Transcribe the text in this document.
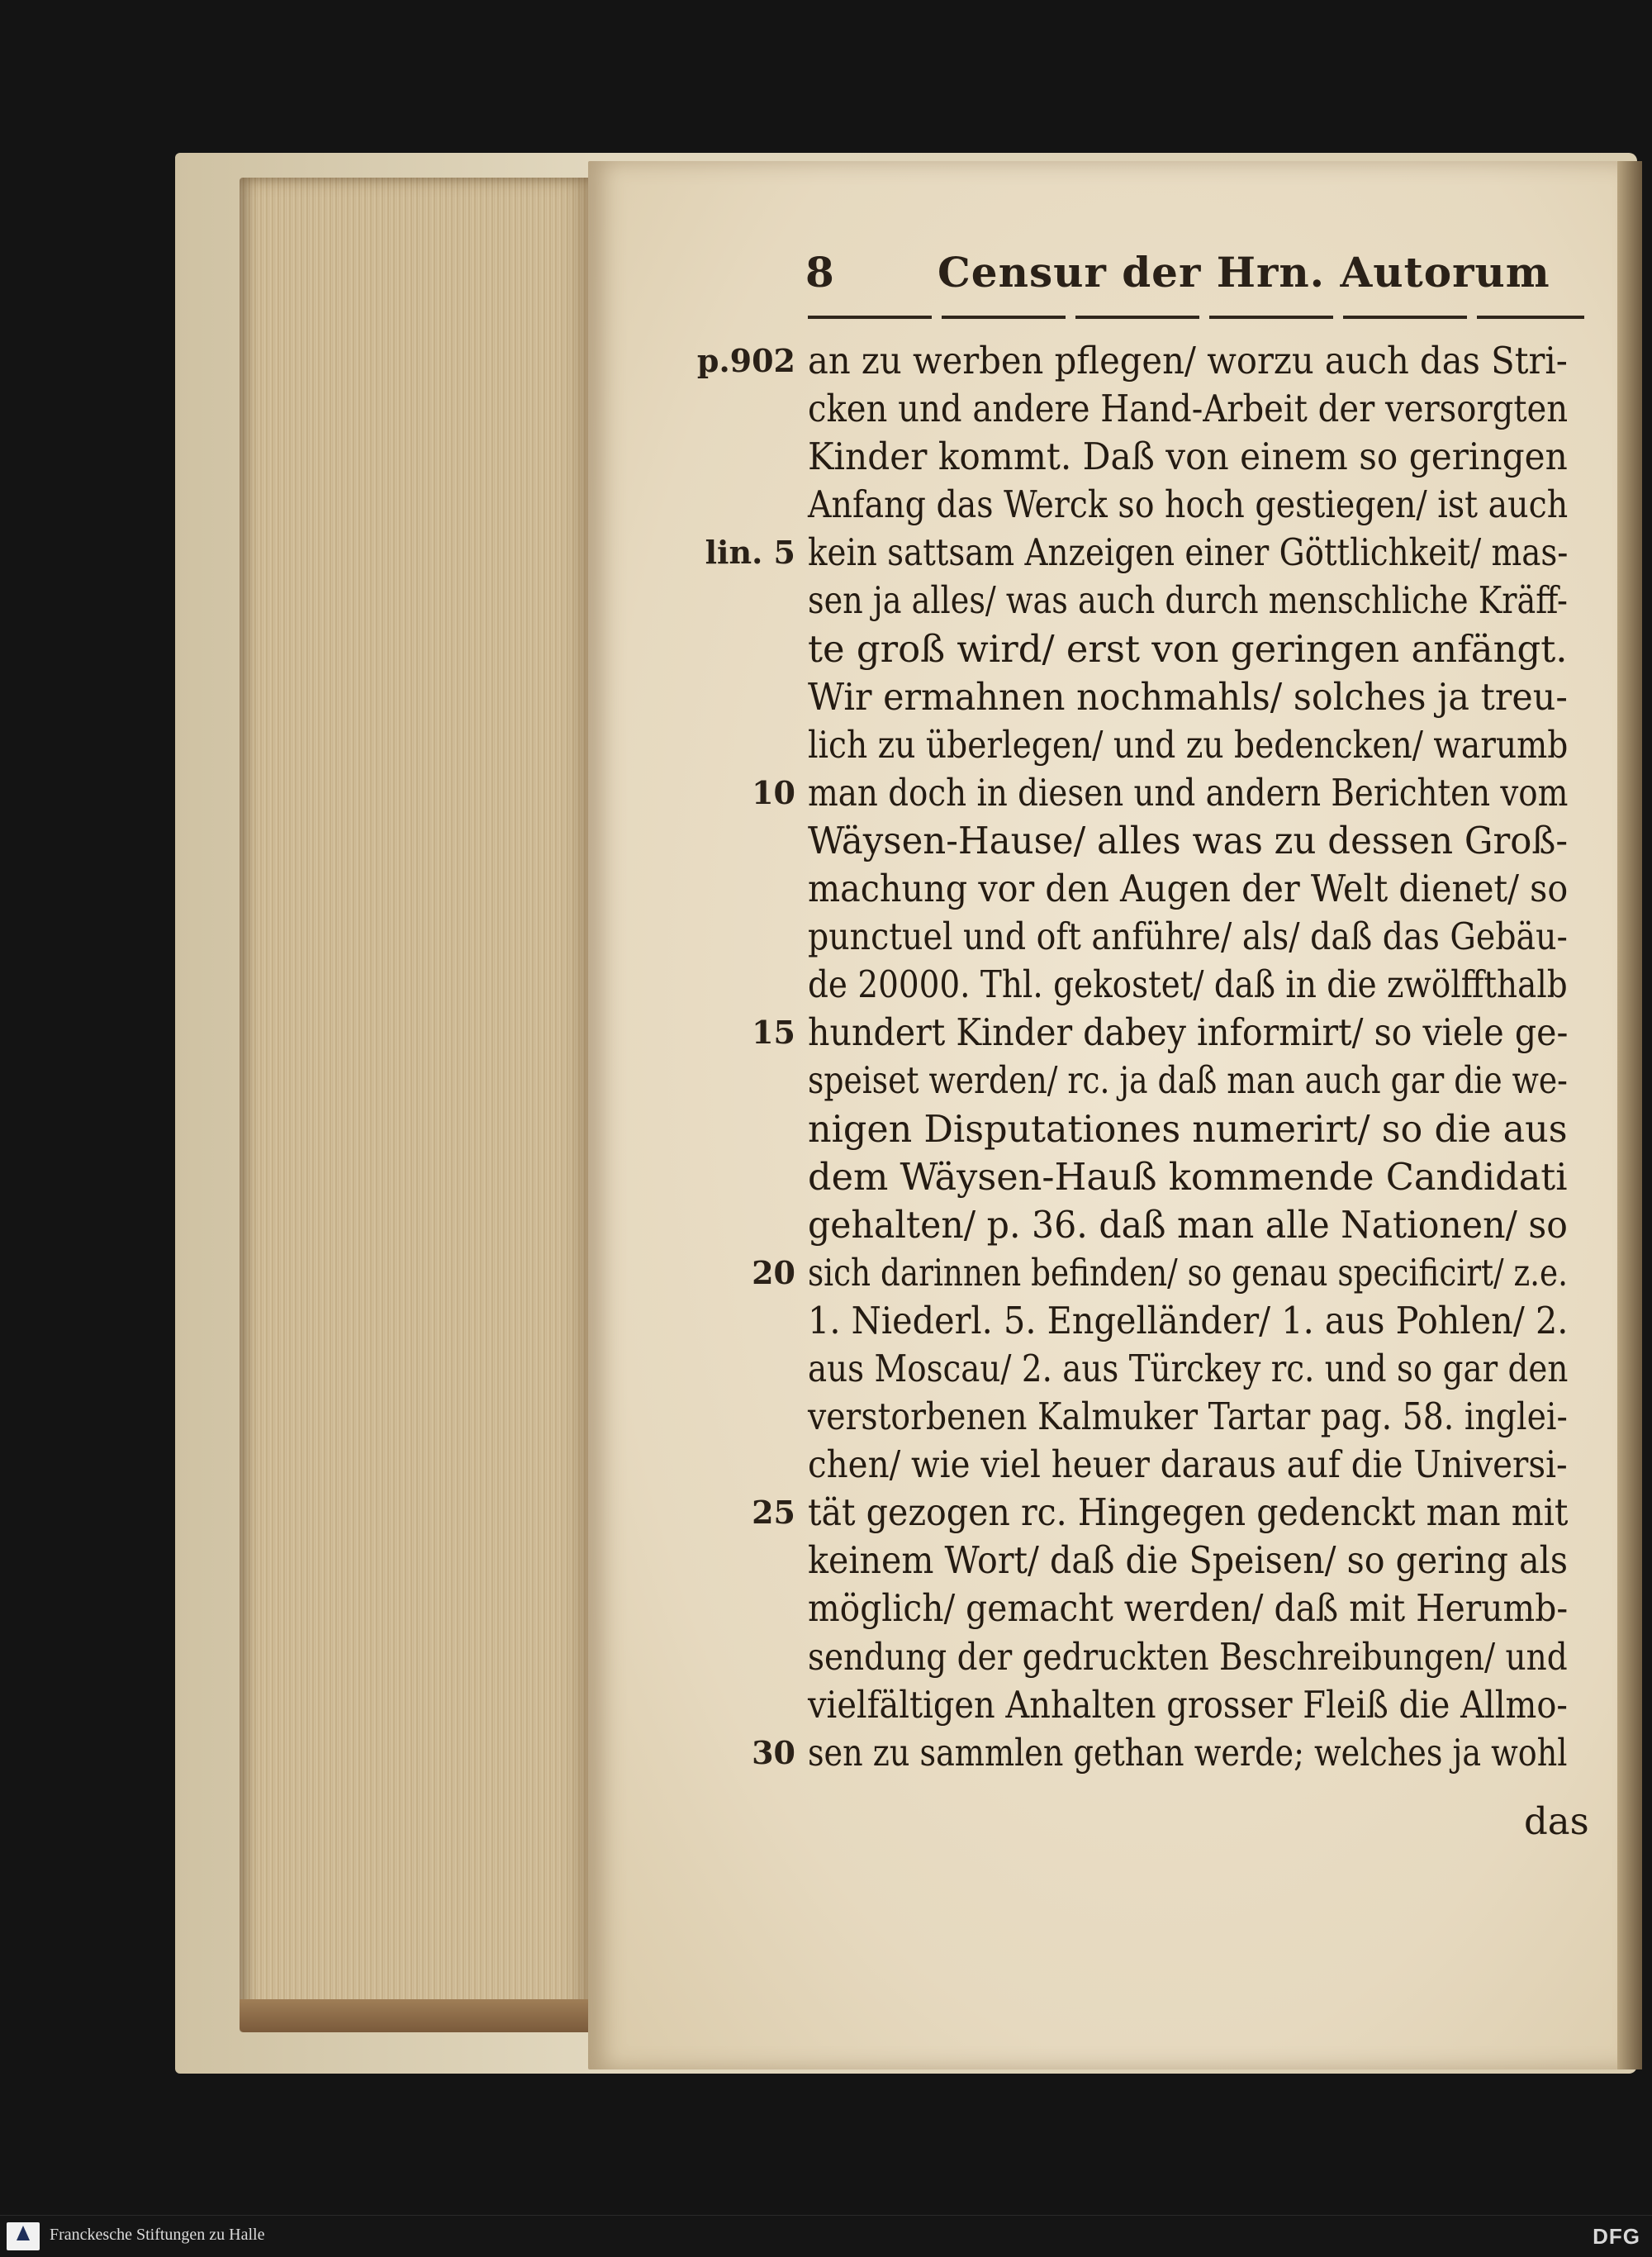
8	Censur der Hrn. Autorum
p.902 an zu werben pflegen/ worzu auch das Stri-
cken und andere Hand-Arbeit der versorgten
Kinder kommt. Daß von einem so geringen
Anfang das Werck so hoch gestiegen/ ist auch
lin. 5 kein sattsam Anzeigen einer Göttlichkeit/ mas-
sen ja alles/ was auch durch menschliche Kräff-
te groß wird/ erst von geringen anfängt.
Wir ermahnen nochmahls/ solches ja treu-
lich zu überlegen/ und zu bedencken/ warumb
10 man doch in diesen und andern Berichten vom
Wäysen-Hause/ alles was zu dessen Groß-
machung vor den Augen der Welt dienet/ so
punctuel und oft anführe/ als/ daß das Gebäu-
de 20000. Thl. gekostet/ daß in die zwölffthalb
15 hundert Kinder dabey informirt/ so viele ge-
speiset werden/ rc. ja daß man auch gar die we-
nigen Disputationes numerirt/ so die aus
dem Wäysen-Hauß kommende Candidati
gehalten/ p. 36. daß man alle Nationen/ so
20 sich darinnen befinden/ so genau specificirt/ z.e.
1. Niederl. 5. Engelländer/ 1. aus Pohlen/ 2.
aus Moscau/ 2. aus Türckey rc. und so gar den
verstorbenen Kalmuker Tartar pag. 58. inglei-
chen/ wie viel heuer daraus auf die Universi-
25 tät gezogen rc. Hingegen gedenckt man mit
keinem Wort/ daß die Speisen/ so gering als
möglich/ gemacht werden/ daß mit Herumb-
sendung der gedruckten Beschreibungen/ und
vielfältigen Anhalten grosser Fleiß die Allmo-
30 sen zu sammlen gethan werde; welches ja wohl
das
Franckesche Stiftungen zu Halle	DFG
